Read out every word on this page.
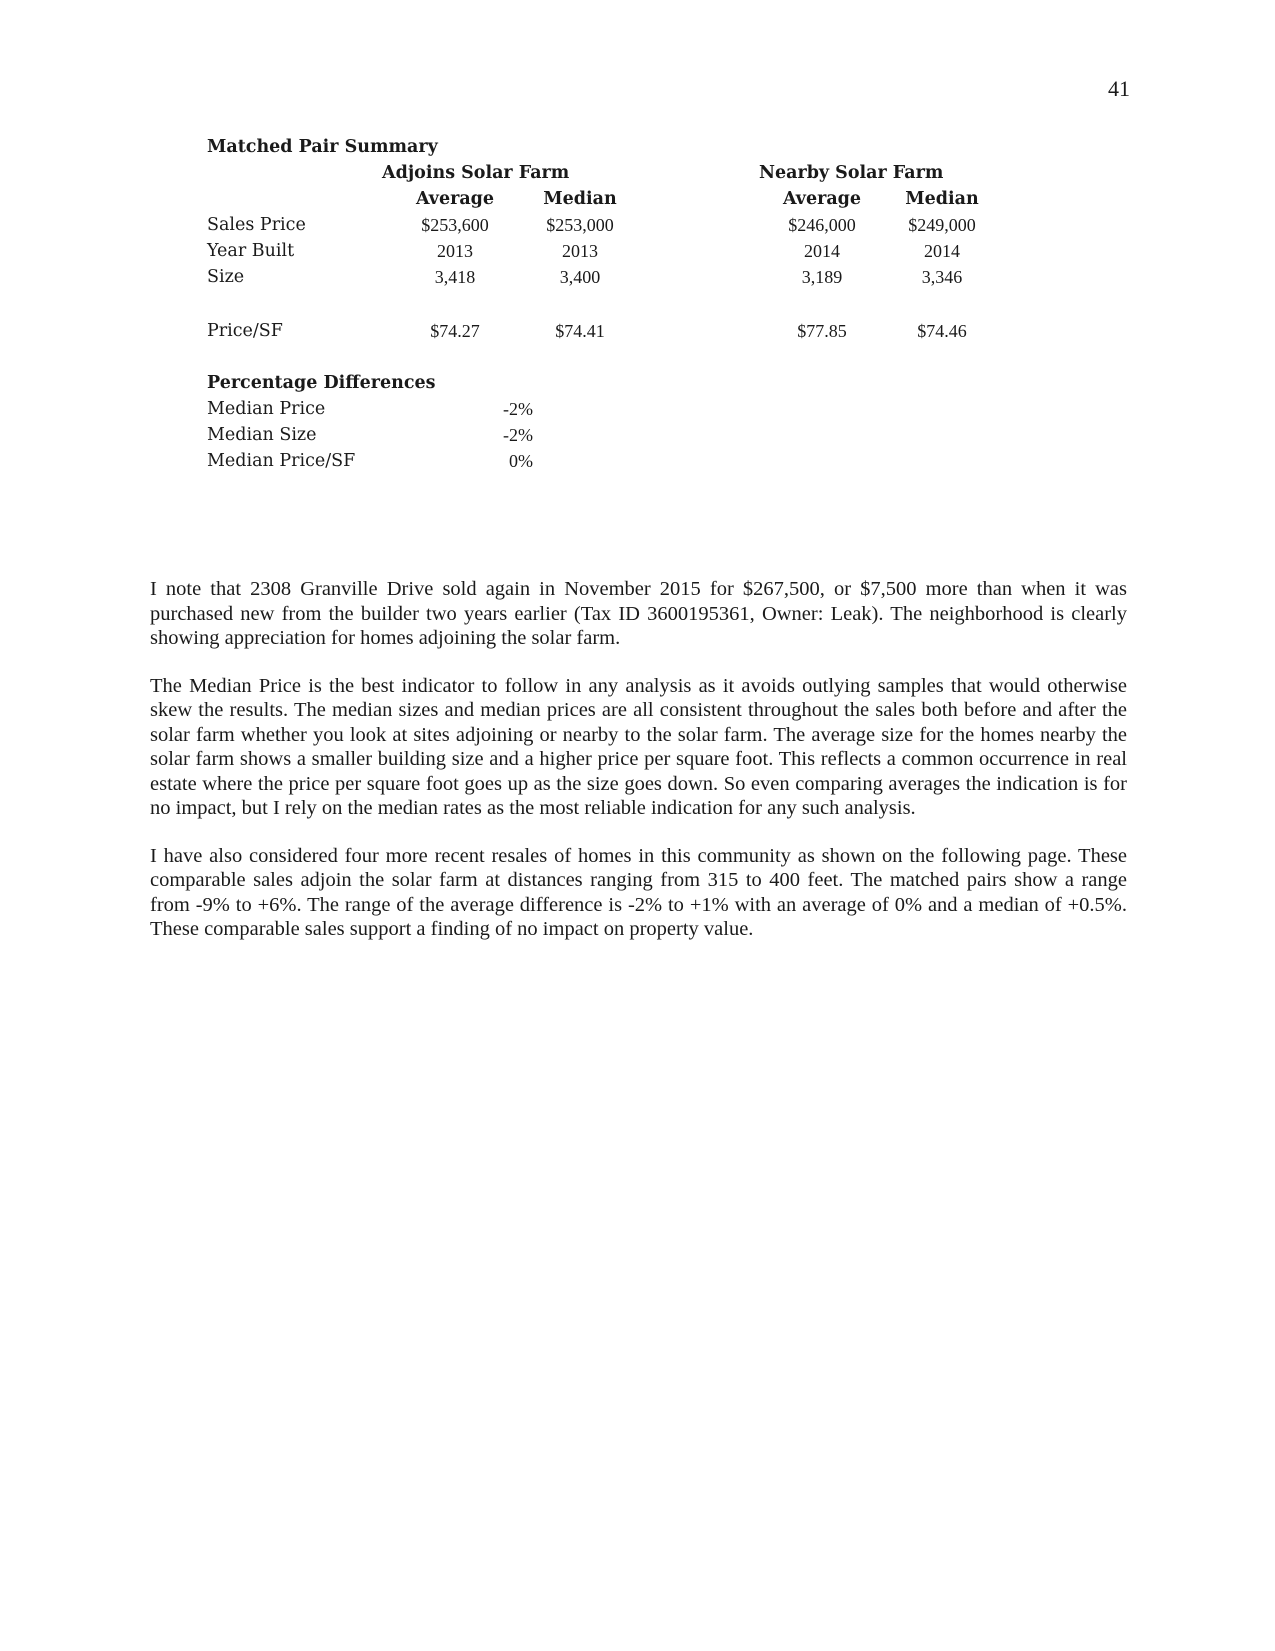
41
Matched Pair Summary
Adjoins Solar Farm	Nearby Solar Farm
Average	Median	Average	Median
Sales Price	$253,600	$253,000	$246,000	$249,000
Year Built	2013	2013	2014	2014
Size	3,418	3,400	3,189	3,346
Price/SF	$74.27	$74.41	$77.85	$74.46
Percentage Differences
Median Price	-2%
Median Size	-2%
Median Price/SF	0%

I note that 2308 Granville Drive sold again in November 2015 for $267,500, or $7,500 more than when it was purchased new from the builder two years earlier (Tax ID 3600195361, Owner: Leak). The neighborhood is clearly showing appreciation for homes adjoining the solar farm.

The Median Price is the best indicator to follow in any analysis as it avoids outlying samples that would otherwise skew the results. The median sizes and median prices are all consistent throughout the sales both before and after the solar farm whether you look at sites adjoining or nearby to the solar farm. The average size for the homes nearby the solar farm shows a smaller building size and a higher price per square foot. This reflects a common occurrence in real estate where the price per square foot goes up as the size goes down. So even comparing averages the indication is for no impact, but I rely on the median rates as the most reliable indication for any such analysis.

I have also considered four more recent resales of homes in this community as shown on the following page. These comparable sales adjoin the solar farm at distances ranging from 315 to 400 feet. The matched pairs show a range from -9% to +6%. The range of the average difference is -2% to +1% with an average of 0% and a median of +0.5%. These comparable sales support a finding of no impact on property value.
